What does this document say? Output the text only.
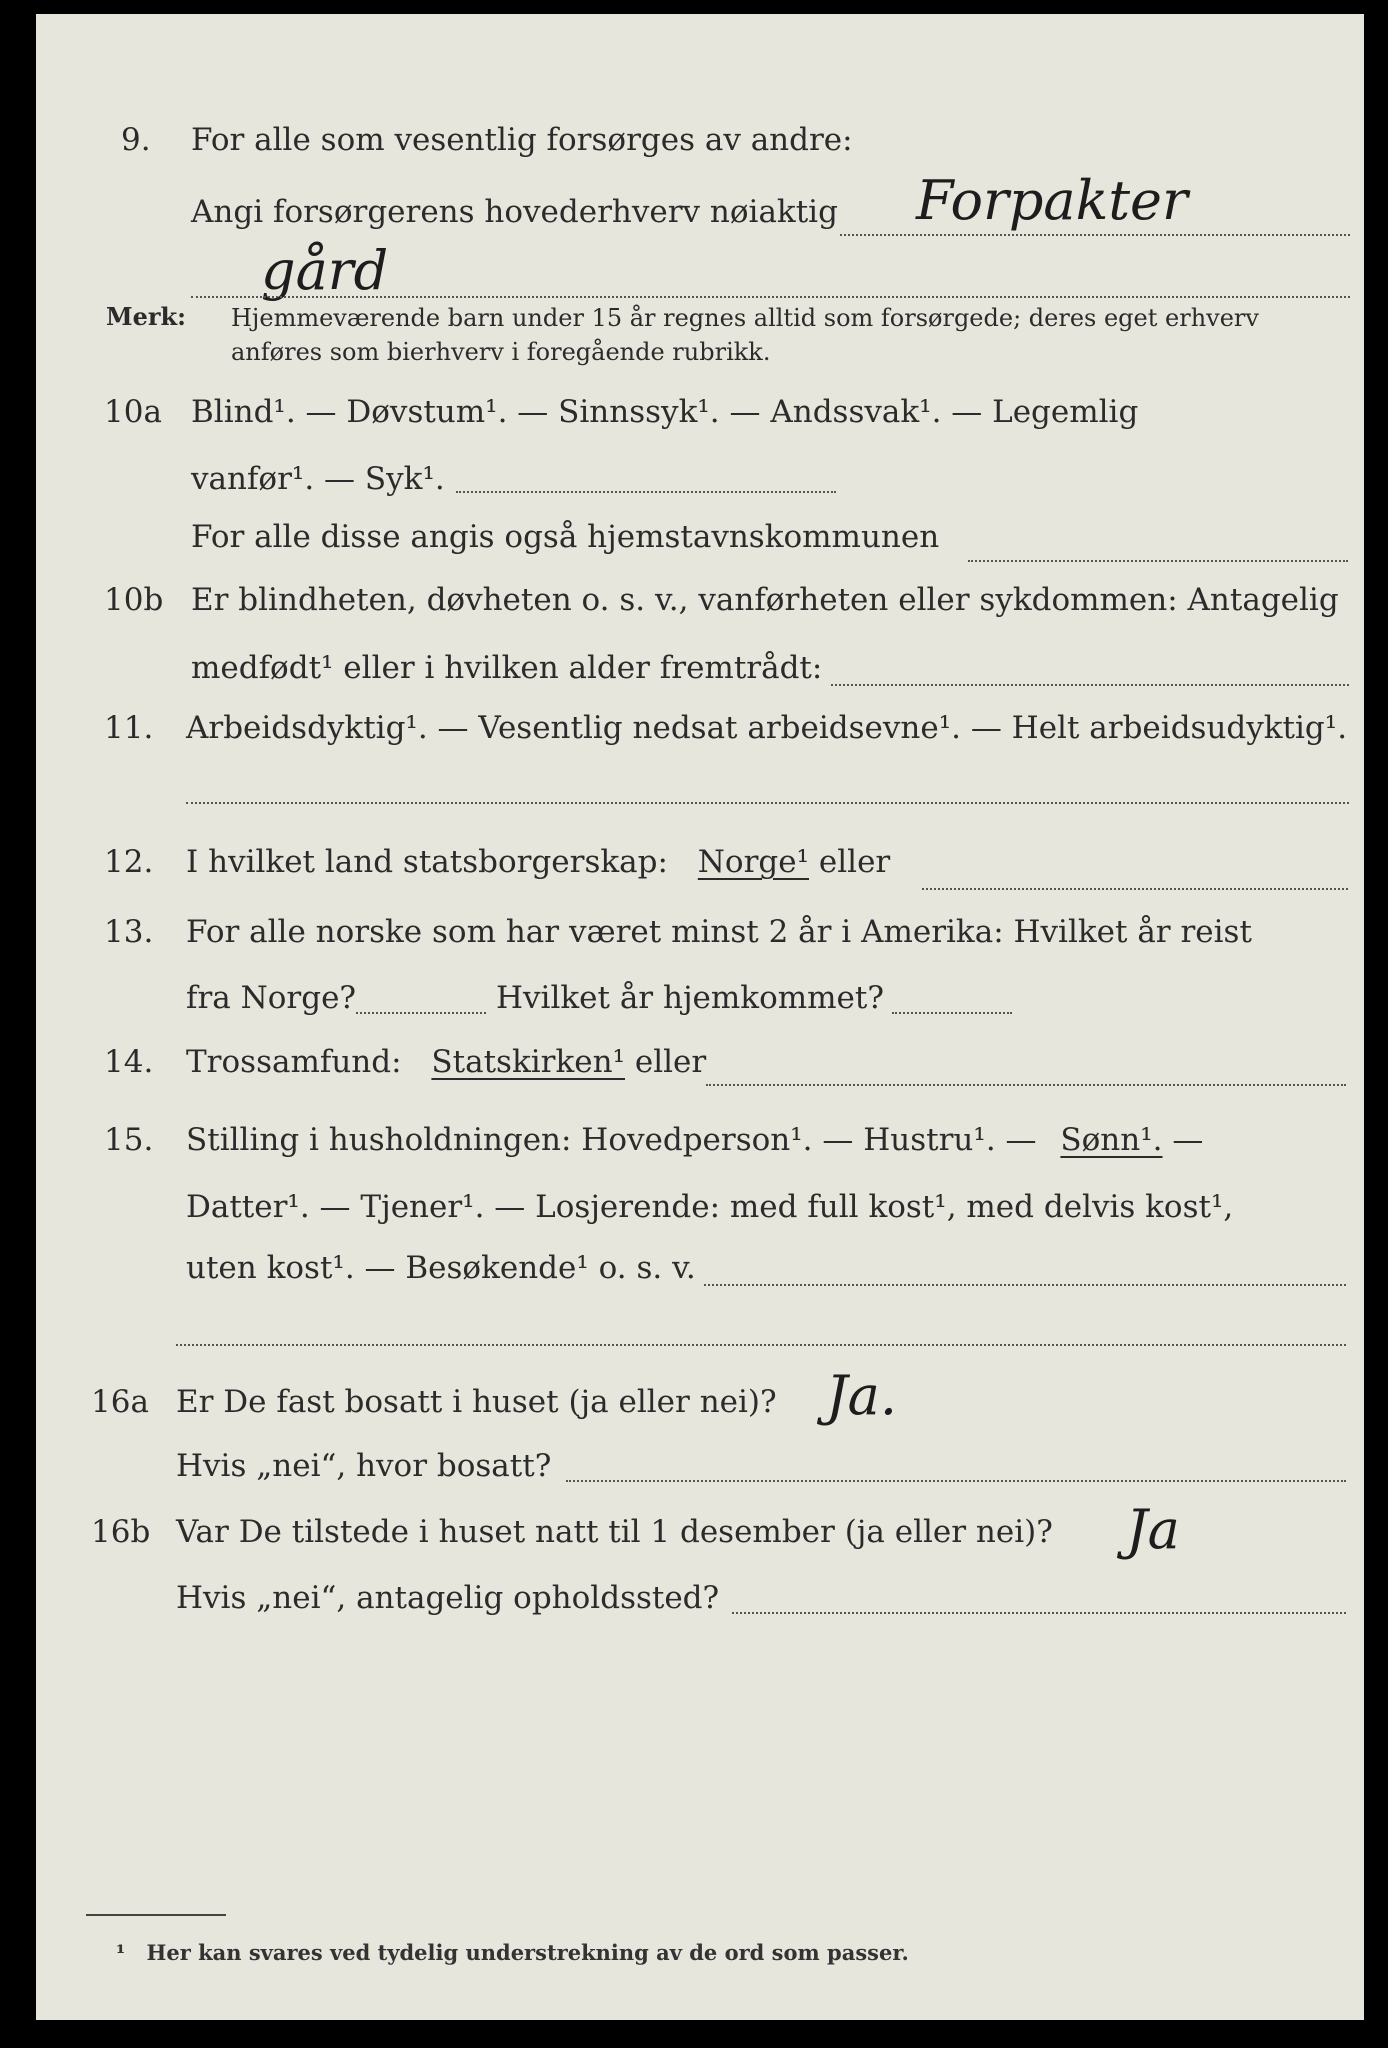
9. For alle som vesentlig forsørges av andre:
Angi forsørgerens hovederhverv nøiaktig Forpakter
gård
Merk: Hjemmeværende barn under 15 år regnes alltid som forsørgede; deres eget erhverv
anføres som bierhverv i foregående rubrikk.
10a Blind¹. — Døvstum¹. — Sinnssyk¹. — Andssvak¹. — Legemlig
vanfør¹. — Syk¹.
For alle disse angis også hjemstavnskommunen
10b Er blindheten, døvheten o. s. v., vanførheten eller sykdommen: Antagelig
medfødt¹ eller i hvilken alder fremtrådt:
11. Arbeidsdyktig¹. — Vesentlig nedsat arbeidsevne¹. — Helt arbeidsudyktig¹.
12. I hvilket land statsborgerskap: Norge¹ eller
13. For alle norske som har været minst 2 år i Amerika: Hvilket år reist
fra Norge?	Hvilket år hjemkommet?
14. Trossamfund: Statskirken¹ eller
15. Stilling i husholdningen: Hovedperson¹. — Hustru¹. — Sønn¹. —
Datter¹. — Tjener¹. — Losjerende: med full kost¹, med delvis kost¹,
uten kost¹. — Besøkende¹ o. s. v.
16a Er De fast bosatt i huset (ja eller nei)? Ja.
Hvis „nei“, hvor bosatt?
16b Var De tilstede i huset natt til 1 desember (ja eller nei)? Ja
Hvis „nei“, antagelig opholdssted?
¹ Her kan svares ved tydelig understrekning av de ord som passer.
